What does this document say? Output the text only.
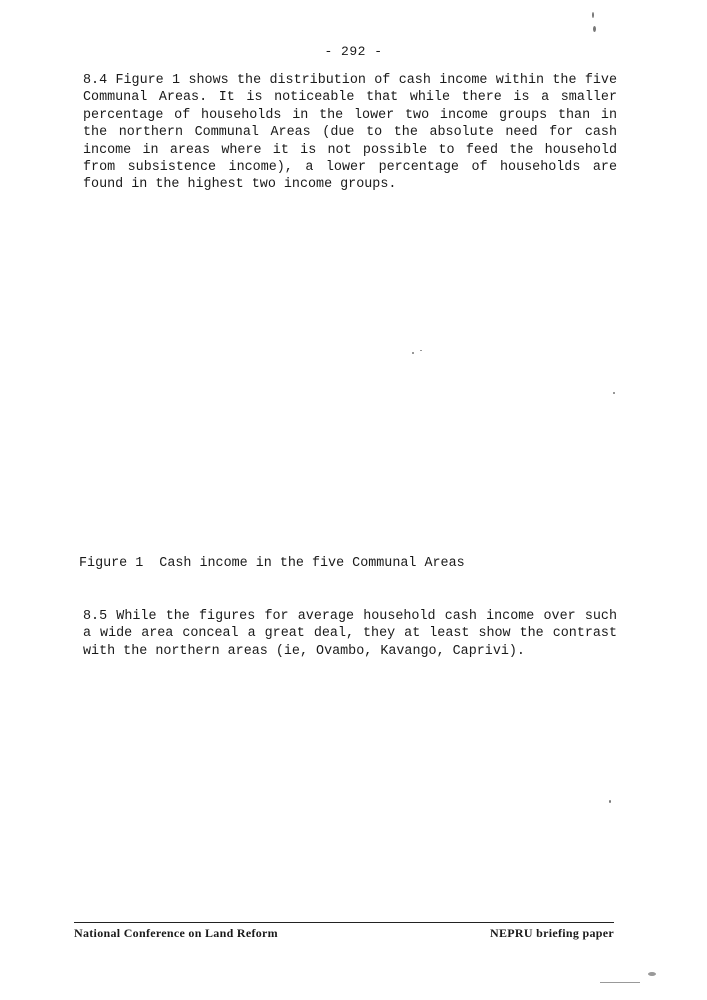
- 292 -

8.4 Figure 1 shows the distribution of cash income within the five Communal Areas. It is noticeable that while there is a smaller percentage of households in the lower two income groups than in the northern Communal Areas (due to the absolute need for cash income in areas where it is not possible to feed the household from subsistence income), a lower percentage of households are found in the highest two income groups.

Figure 1 Cash income in the five Communal Areas

8.5 While the figures for average household cash income over such a wide area conceal a great deal, they at least show the contrast with the northern areas (ie, Ovambo, Kavango, Caprivi).

National Conference on Land Reform	NEPRU briefing paper
